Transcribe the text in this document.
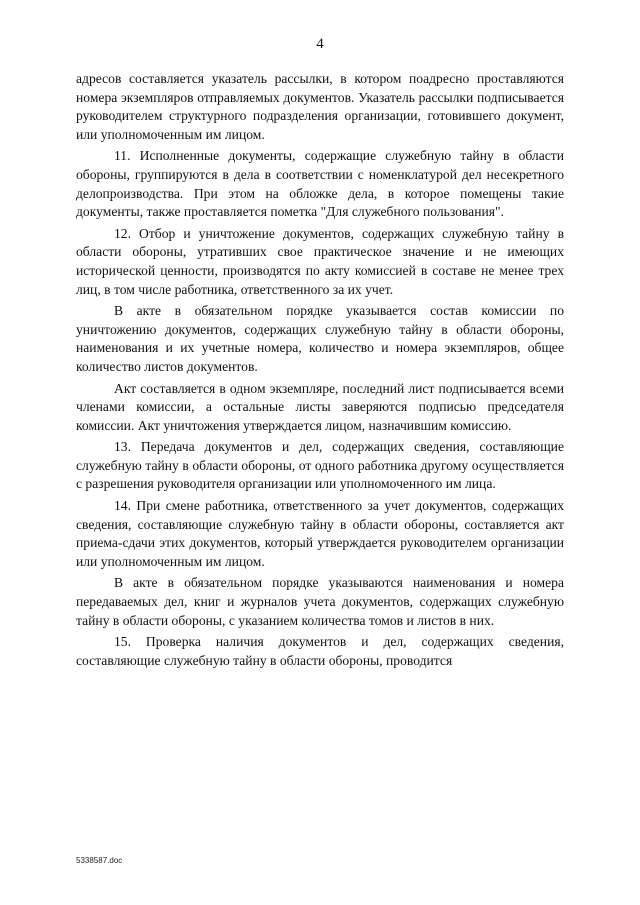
4

адресов составляется указатель рассылки, в котором поадресно проставляются номера экземпляров отправляемых документов. Указатель рассылки подписывается руководителем структурного подразделения организации, готовившего документ, или уполномоченным им лицом.

11. Исполненные документы, содержащие служебную тайну в области обороны, группируются в дела в соответствии с номенклатурой дел несекретного делопроизводства. При этом на обложке дела, в которое помещены такие документы, также проставляется пометка "Для служебного пользования".

12. Отбор и уничтожение документов, содержащих служебную тайну в области обороны, утративших свое практическое значение и не имеющих исторической ценности, производятся по акту комиссией в составе не менее трех лиц, в том числе работника, ответственного за их учет.

В акте в обязательном порядке указывается состав комиссии по уничтожению документов, содержащих служебную тайну в области обороны, наименования и их учетные номера, количество и номера экземпляров, общее количество листов документов.

Акт составляется в одном экземпляре, последний лист подписывается всеми членами комиссии, а остальные листы заверяются подписью председателя комиссии. Акт уничтожения утверждается лицом, назначившим комиссию.

13. Передача документов и дел, содержащих сведения, составляющие служебную тайну в области обороны, от одного работника другому осуществляется с разрешения руководителя организации или уполномоченного им лица.

14. При смене работника, ответственного за учет документов, содержащих сведения, составляющие служебную тайну в области обороны, составляется акт приема-сдачи этих документов, который утверждается руководителем организации или уполномоченным им лицом.

В акте в обязательном порядке указываются наименования и номера передаваемых дел, книг и журналов учета документов, содержащих служебную тайну в области обороны, с указанием количества томов и листов в них.

15. Проверка наличия документов и дел, содержащих сведения, составляющие служебную тайну в области обороны, проводится

5338587.doc
